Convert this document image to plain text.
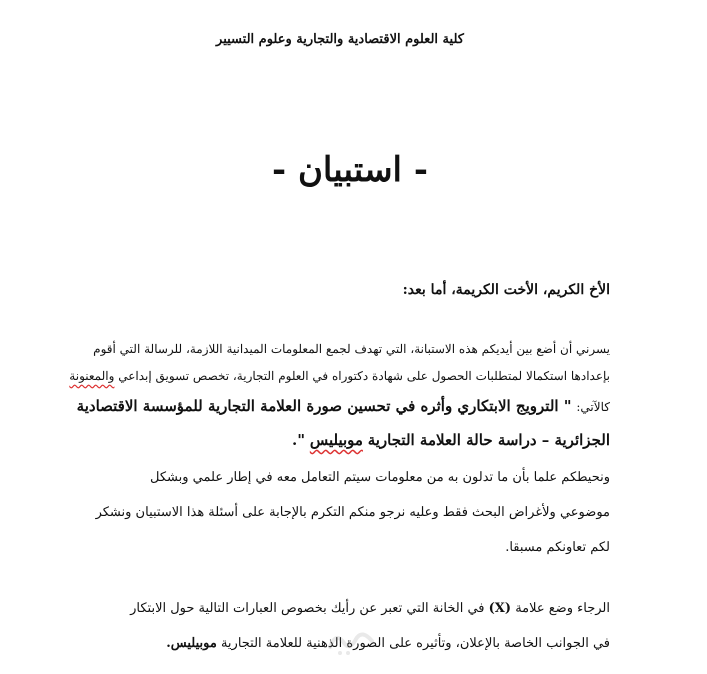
كلية العلوم الاقتصادية والتجارية وعلوم التسيير
- استبيان -
الأخ الكريم، الأخت الكريمة، أما بعد:
يسرني أن أضع بين أيديكم هذه الاستبانة، التي تهدف لجمع المعلومات الميدانية اللازمة، للرسالة التي أقوم
بإعدادها استكمالا لمتطلبات الحصول على شهادة دكتوراه في العلوم التجارية، تخصص تسويق إبداعي والمعنونة
كالآتي: " الترويج الابتكاري وأثره في تحسين صورة العلامة التجارية للمؤسسة الاقتصادية
الجزائرية – دراسة حالة العلامة التجارية موبيليس ".
ونحيطكم علما بأن ما تدلون به من معلومات سيتم التعامل معه في إطار علمي وبشكل
موضوعي ولأغراض البحث فقط وعليه نرجو منكم التكرم بالإجابة على أسئلة هذا الاستبيان ونشكر
لكم تعاونكم مسبقا.
الرجاء وضع علامة (X) في الخانة التي تعبر عن رأيك بخصوص العبارات التالية حول الابتكار
في الجوانب الخاصة بالإعلان، وتأثيره على الصورة الذهنية للعلامة التجارية موبيليس.
